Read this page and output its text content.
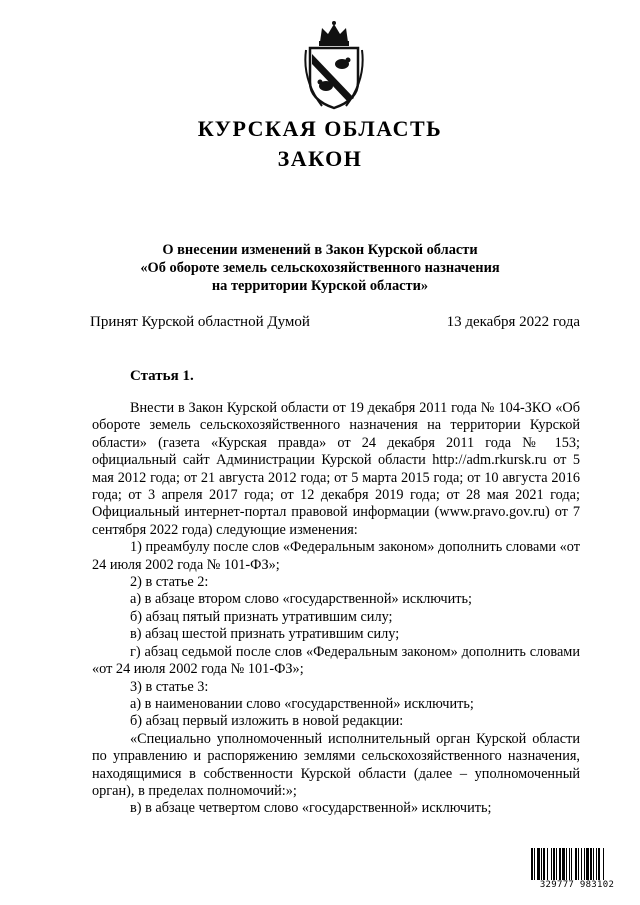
КУРСКАЯ ОБЛАСТЬ
ЗАКОН
О внесении изменений в Закон Курской области
«Об обороте земель сельскохозяйственного назначения
на территории Курской области»
Принят Курской областной Думой	13 декабря 2022 года
Статья 1.
Внести в Закон Курской области от 19 декабря 2011 года № 104-ЗКО «Об обороте земель сельскохозяйственного назначения на территории Курской области» (газета «Курская правда» от 24 декабря 2011 года № 153; официальный сайт Администрации Курской области http://adm.rkursk.ru от 5 мая 2012 года; от 21 августа 2012 года; от 5 марта 2015 года; от 10 августа 2016 года; от 3 апреля 2017 года; от 12 декабря 2019 года; от 28 мая 2021 года; Официальный интернет-портал правовой информации (www.pravo.gov.ru) от 7 сентября 2022 года) следующие изменения:
1) преамбулу после слов «Федеральным законом» дополнить словами «от 24 июля 2002 года № 101-ФЗ»;
2) в статье 2:
а) в абзаце втором слово «государственной» исключить;
б) абзац пятый признать утратившим силу;
в) абзац шестой признать утратившим силу;
г) абзац седьмой после слов «Федеральным законом» дополнить словами «от 24 июля 2002 года № 101-ФЗ»;
3) в статье 3:
а) в наименовании слово «государственной» исключить;
б) абзац первый изложить в новой редакции:
«Специально уполномоченный исполнительный орган Курской области по управлению и распоряжению землями сельскохозяйственного назначения, находящимися в собственности Курской области (далее – уполномоченный орган), в пределах полномочий:»;
в) в абзаце четвертом слово «государственной» исключить;
329777 983102
